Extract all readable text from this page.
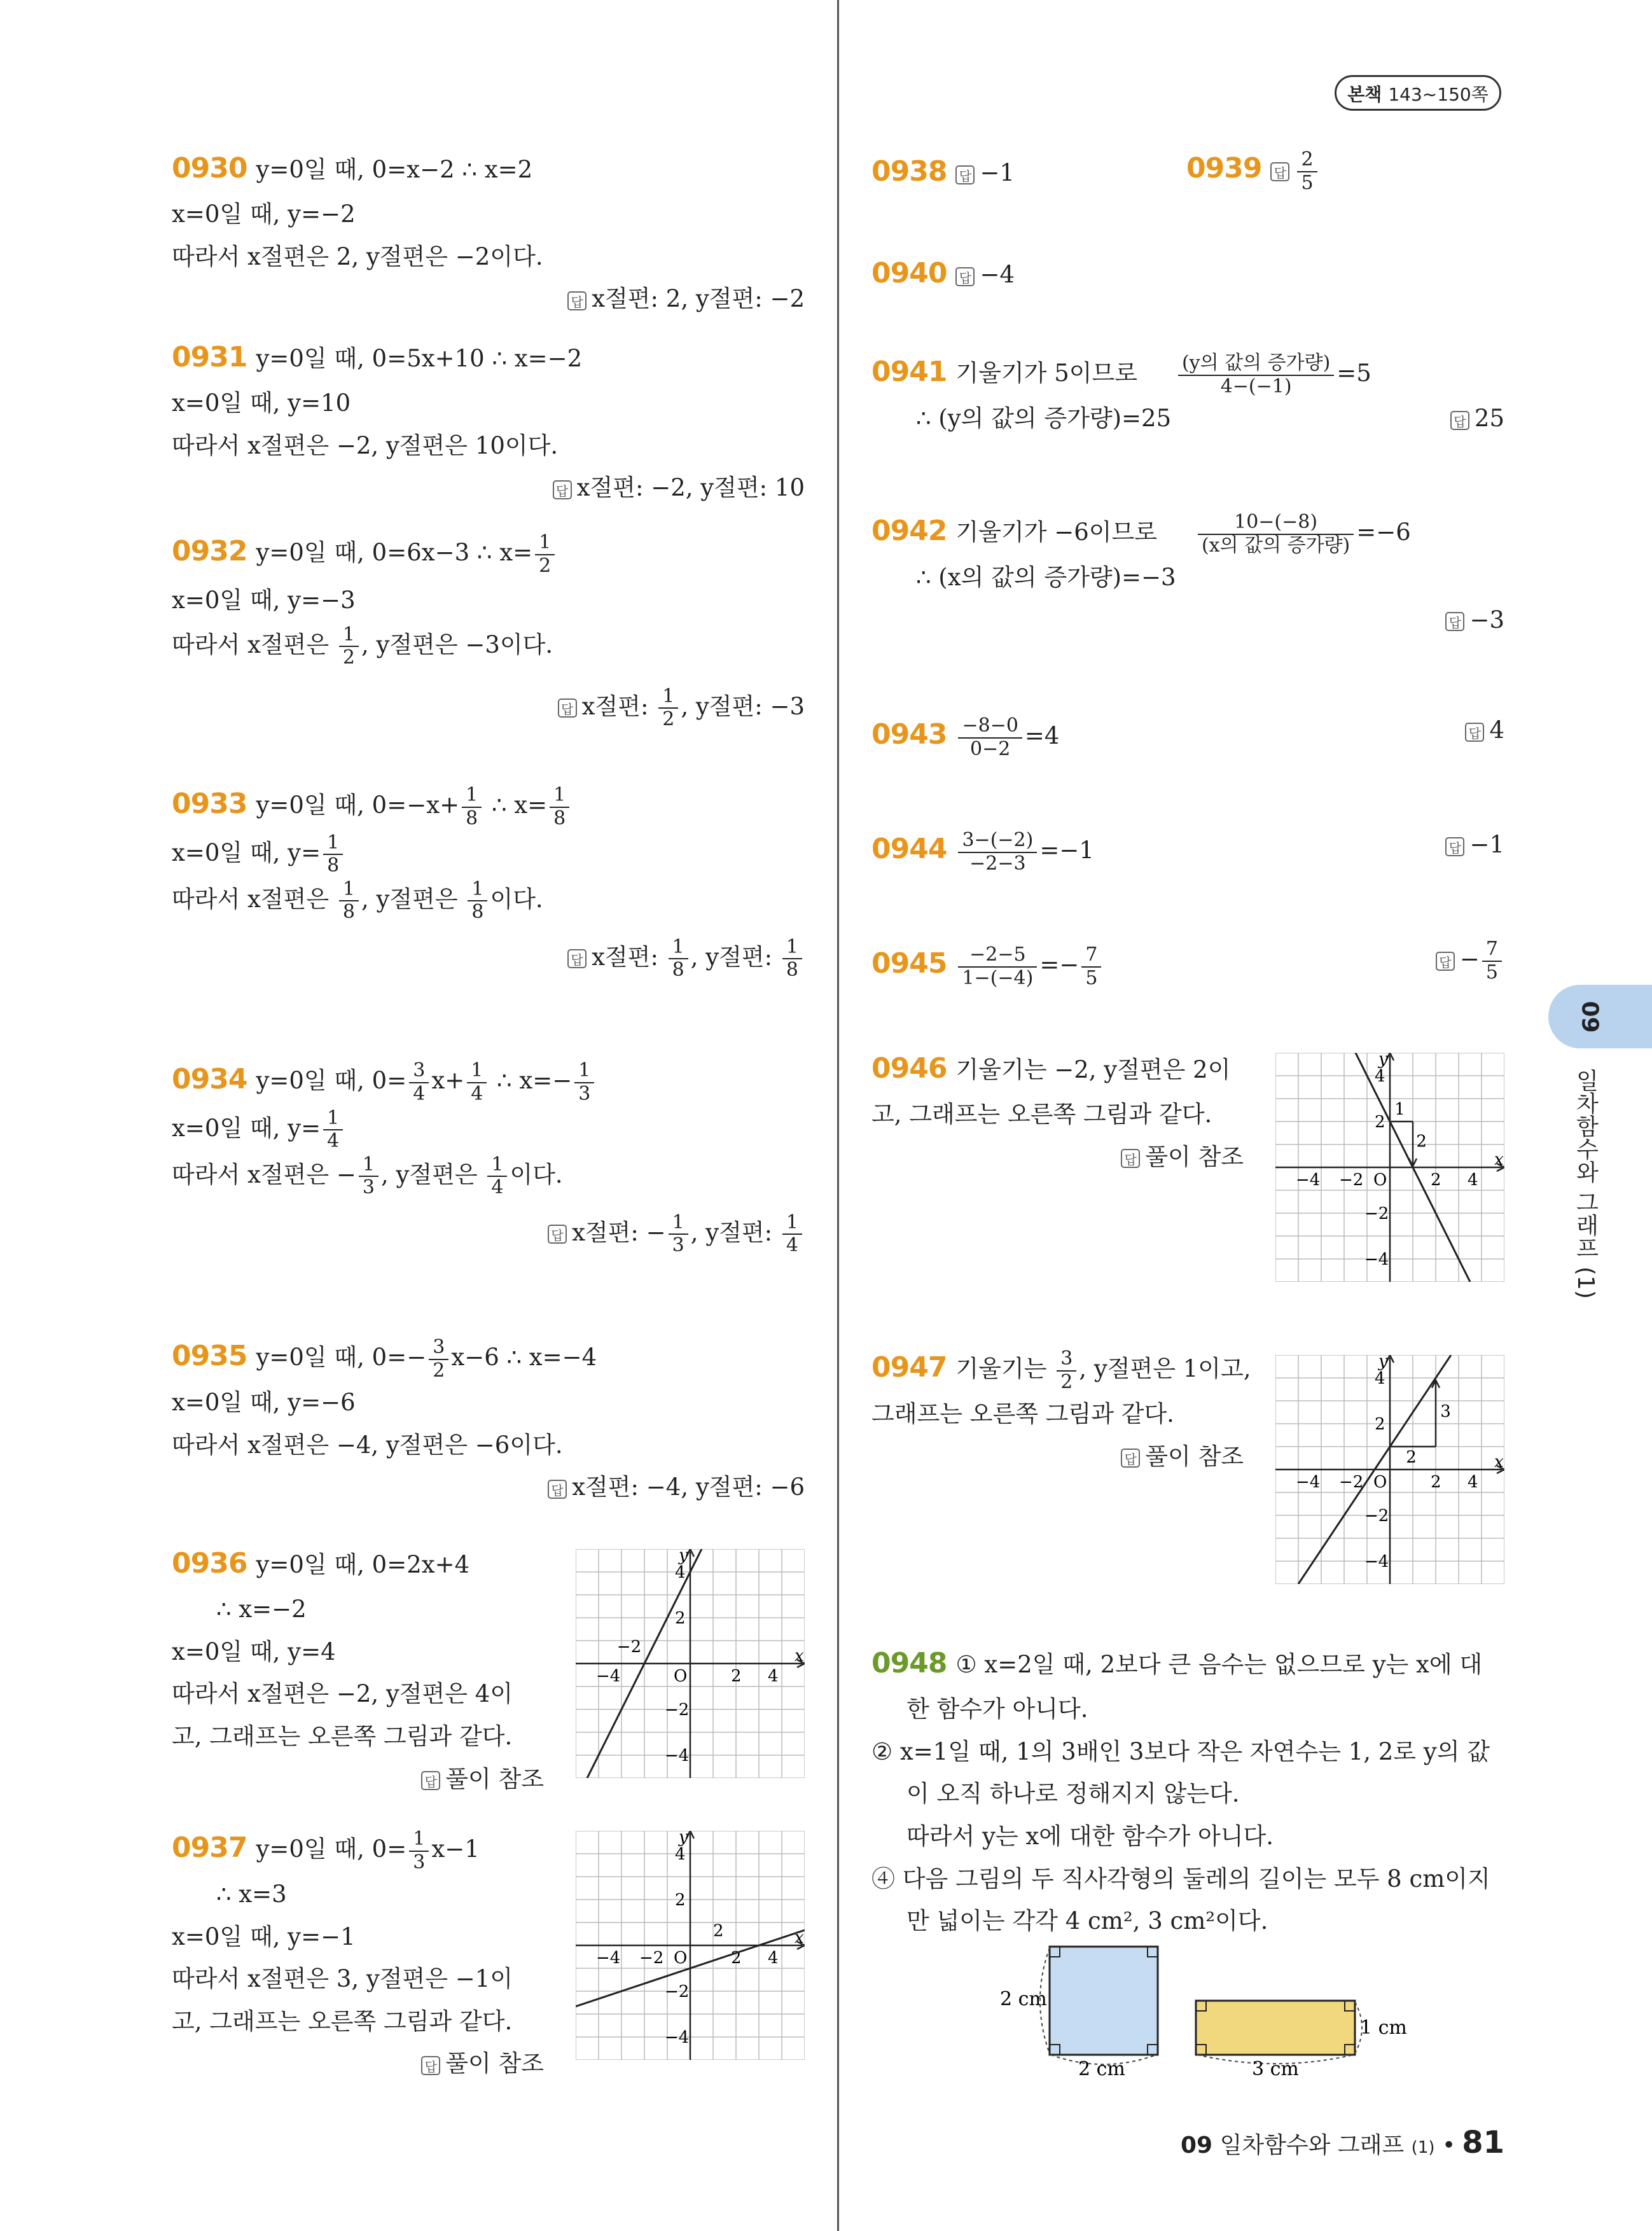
본책 143∼150쪽
0930 y=0일 때, 0=x−2 ∴ x=2
x=0일 때, y=−2
따라서 x절편은 2, y절편은 −2이다.
답 x절편: 2, y절편: −2
0931 y=0일 때, 0=5x+10 ∴ x=−2
x=0일 때, y=10
따라서 x절편은 −2, y절편은 10이다.
답 x절편: −2, y절편: 10
0932 y=0일 때, 0=6x−3 ∴ $x= \frac{1}{2}$
x=0일 때, y=−3
따라서 x절편은 $\frac{1}{2}$ , y절편은 −3이다.
답 x절편: $\frac{1}{2}$ , y절편: −3
0933 y=0일 때, $0=-x+ \frac{1}{8}$ ∴ $x= \frac{1}{8}$
x=0일 때, $y= \frac{1}{8}$
따라서 x절편은 $\frac{1}{8}$ , y절편은 $\frac{1}{8}$ 이다.
답 x절편: $\frac{1}{8}$ , y절편: $\frac{1}{8}$
0934 y=0일 때, $0= \frac{3}{4} x+ \frac{1}{4}$ ∴ $x=- \frac{1}{3}$
x=0일 때, $y= \frac{1}{4}$
따라서 x절편은 − $\frac{1}{3}$ , y절편은 $\frac{1}{4}$ 이다.
답 x절편: − $\frac{1}{3}$ , y절편: $\frac{1}{4}$
0935 y=0일 때, $0=- \frac{3}{2} x-6$ ∴ x=−4
x=0일 때, y=−6
따라서 x절편은 −4, y절편은 −6이다.
답 x절편: −4, y절편: −6
0936 y=0일 때, 0=2x+4
∴ x=−2
x=0일 때, y=4
따라서 x절편은 −2, y절편은 4이
고, 그래프는 오른쪽 그림과 같다.
답 풀이 참조
0937 y=0일 때, $0= \frac{1}{3} x-1$
∴ x=3
x=0일 때, y=−1
따라서 x절편은 3, y절편은 −1이
고, 그래프는 오른쪽 그림과 같다.
답 풀이 참조
x
y
O	2 4
−4
2
4
−2
−4
−2
x
y
O	2 4
−4
2
4
−2
−4
−2
2
0938 답 −1	0939 답 $\frac{2}{5}$
0940 답 −4
0941 기울기가 5이므로 $\frac{\text{(y의 값의 증가량)}}{4-(-1)} =5$
∴ (y의 값의 증가량)=25	답 25
0942 기울기가 −6이므로 $\frac{10-(-8)}{\text{(x의 값의 증가량)}} =-6$
∴ (x의 값의 증가량)=−3
답 −3
$0943 \frac{-8-0}{0-2} =4$	답 4
$0944 \frac{3-(-2)}{-2-3} =-1$	답 −1
$0945 \frac{-2-5}{1-(-4)} =- \frac{7}{5}$	답 − $\frac{7}{5}$
0946 기울기는 −2, y절편은 2이
고, 그래프는 오른쪽 그림과 같다.
답 풀이 참조
0947 기울기는 $\frac{3}{2}$ , y절편은 1이고,
그래프는 오른쪽 그림과 같다.
답 풀이 참조
x
y
O	2 4
−4
2
4
−2
−4
−2
1
2
x
y
O	2 4
−4
2
4
−2
−4
−2
2
3
0948 ① x=2일 때, 2보다 큰 음수는 없으므로 y는 x에 대
한 함수가 아니다.
② x=1일 때, 1의 3배인 3보다 작은 자연수는 1, 2로 y의 값
이 오직 하나로 정해지지 않는다.
따라서 y는 x에 대한 함수가 아니다.
④ 다음 그림의 두 직사각형의 둘레의 길이는 모두 8 cm이지
만 넓이는 각각 4 cm², 3 cm²이다.
2 cm
2 cm
1 cm
3 cm
09
일차함수와 그래프 (1)
09 일차함수와 그래프 (1) • 81
